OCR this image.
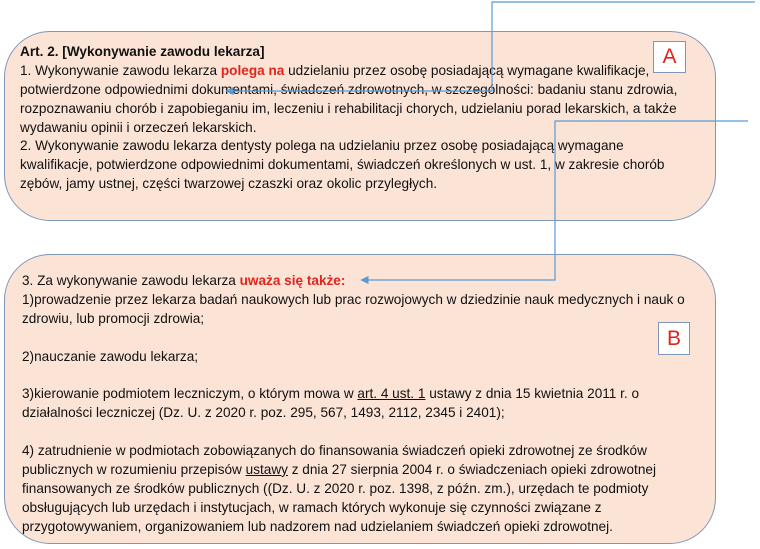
A
Art. 2. [Wykonywanie zawodu lekarza]
1. Wykonywanie zawodu lekarza polega na udzielaniu przez osobę posiadającą wymagane kwalifikacje,
potwierdzone odpowiednimi dokumentami, świadczeń zdrowotnych, w szczególności: badaniu stanu zdrowia,
rozpoznawaniu chorób i zapobieganiu im, leczeniu i rehabilitacji chorych, udzielaniu porad lekarskich, a także
wydawaniu opinii i orzeczeń lekarskich.
2. Wykonywanie zawodu lekarza dentysty polega na udzielaniu przez osobę posiadającą wymagane
kwalifikacje, potwierdzone odpowiednimi dokumentami, świadczeń określonych w ust. 1, w zakresie chorób
zębów, jamy ustnej, części twarzowej czaszki oraz okolic przyległych.
B
3. Za wykonywanie zawodu lekarza uważa się także:
1)prowadzenie przez lekarza badań naukowych lub prac rozwojowych w dziedzinie nauk medycznych i nauk o
zdrowiu, lub promocji zdrowia;
2)nauczanie zawodu lekarza;
3)kierowanie podmiotem leczniczym, o którym mowa w art. 4 ust. 1 ustawy z dnia 15 kwietnia 2011 r. o
działalności leczniczej (Dz. U. z 2020 r. poz. 295, 567, 1493, 2112, 2345 i 2401);
4) zatrudnienie w podmiotach zobowiązanych do finansowania świadczeń opieki zdrowotnej ze środków
publicznych w rozumieniu przepisów ustawy z dnia 27 sierpnia 2004 r. o świadczeniach opieki zdrowotnej
finansowanych ze środków publicznych ((Dz. U. z 2020 r. poz. 1398, z późn. zm.), urzędach te podmioty
obsługujących lub urzędach i instytucjach, w ramach których wykonuje się czynności związane z
przygotowywaniem, organizowaniem lub nadzorem nad udzielaniem świadczeń opieki zdrowotnej.
